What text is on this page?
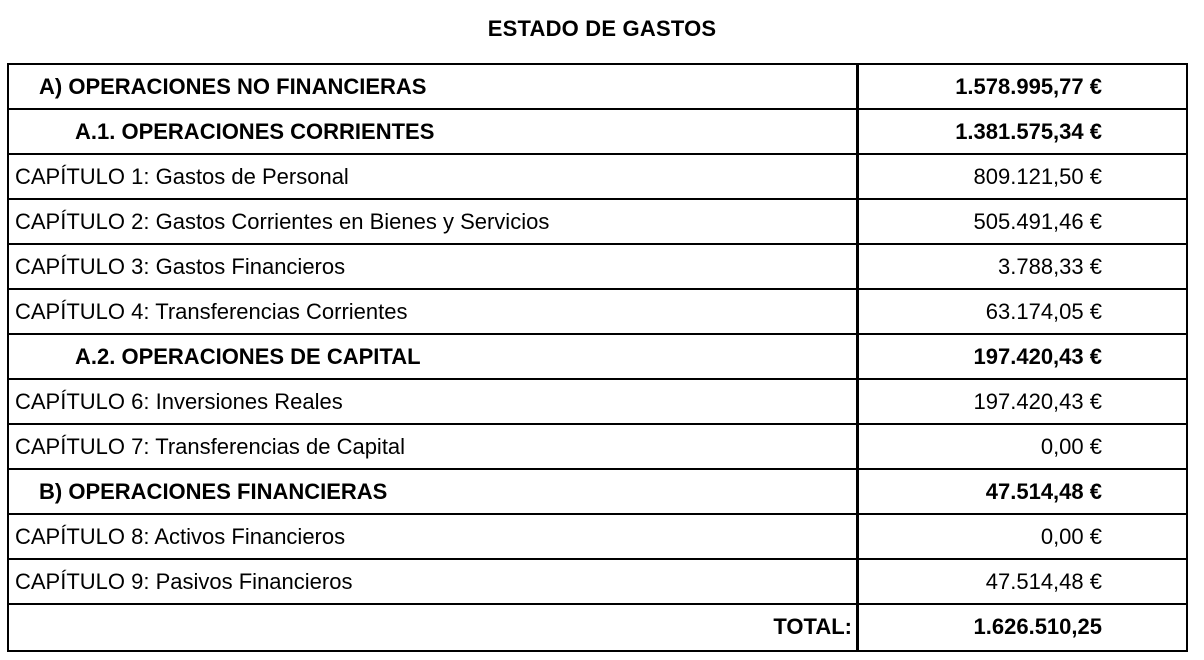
ESTADO DE GASTOS
A) OPERACIONES NO FINANCIERAS	1.578.995,77 €
A.1. OPERACIONES CORRIENTES	1.381.575,34 €
CAPÍTULO 1: Gastos de Personal	809.121,50 €
CAPÍTULO 2: Gastos Corrientes en Bienes y Servicios	505.491,46 €
CAPÍTULO 3: Gastos Financieros	3.788,33 €
CAPÍTULO 4: Transferencias Corrientes	63.174,05 €
A.2. OPERACIONES DE CAPITAL	197.420,43 €
CAPÍTULO 6: Inversiones Reales	197.420,43 €
CAPÍTULO 7: Transferencias de Capital	0,00 €
B) OPERACIONES FINANCIERAS	47.514,48 €
CAPÍTULO 8: Activos Financieros	0,00 €
CAPÍTULO 9: Pasivos Financieros	47.514,48 €
TOTAL:	1.626.510,25
